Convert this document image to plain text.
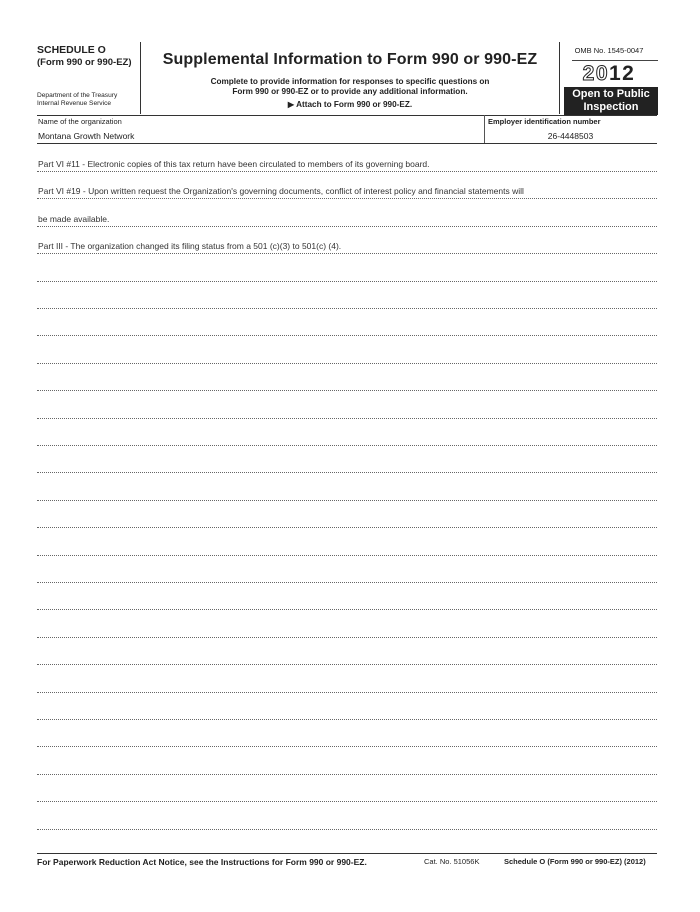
SCHEDULE O
(Form 990 or 990-EZ)
Department of the Treasury
Internal Revenue Service
Supplemental Information to Form 990 or 990-EZ
Complete to provide information for responses to specific questions on
Form 990 or 990-EZ or to provide any additional information.
▶ Attach to Form 990 or 990-EZ.
OMB No. 1545-0047
2012
Open to Public
Inspection
Name of the organization
Montana Growth Network
Employer identification number
26-4448503
Part VI #11 - Electronic copies of this tax return have been circulated to members of its governing board.
Part VI #19 - Upon written request the Organization's governing documents, conflict of interest policy and financial statements will
be made available.
Part III - The organization changed its filing status from a 501 (c)(3) to 501(c) (4).
For Paperwork Reduction Act Notice, see the Instructions for Form 990 or 990-EZ.	Cat. No. 51056K	Schedule O (Form 990 or 990-EZ) (2012)
